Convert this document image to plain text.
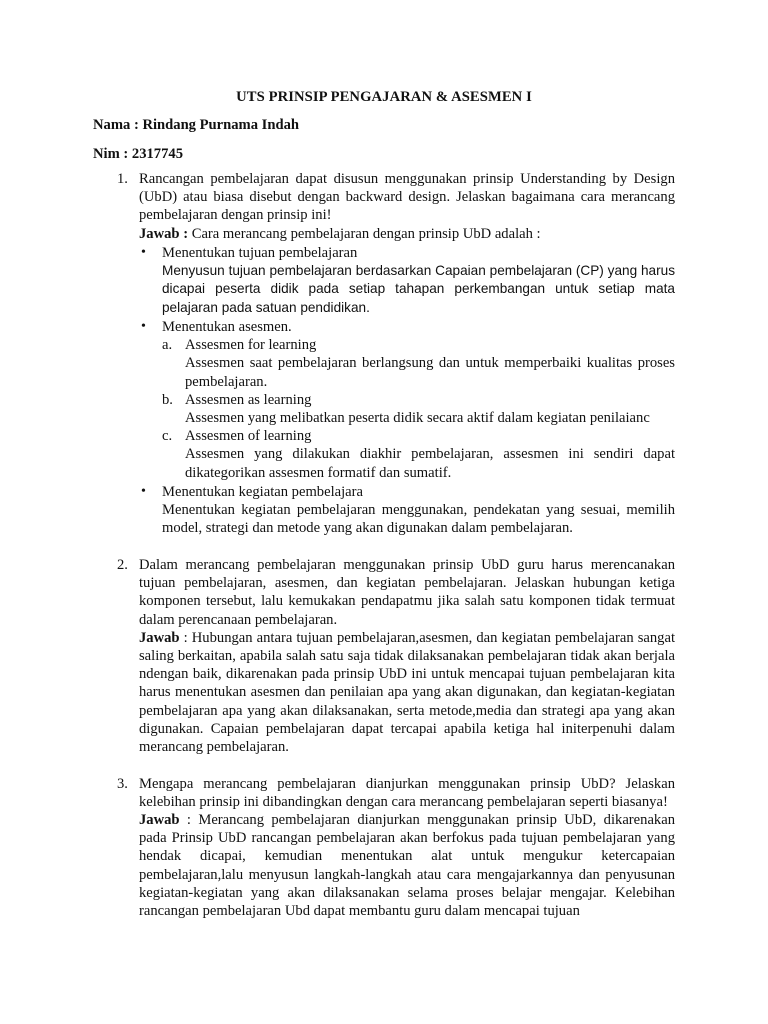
UTS PRINSIP PENGAJARAN & ASESMEN I
Nama : Rindang Purnama Indah
Nim : 2317745
1. Rancangan pembelajaran dapat disusun menggunakan prinsip Understanding by Design (UbD) atau biasa disebut dengan backward design. Jelaskan bagaimana cara merancang pembelajaran dengan prinsip ini!

Jawab : Cara merancang pembelajaran dengan prinsip UbD adalah :

• Menentukan tujuan pembelajaran

Menyusun tujuan pembelajaran berdasarkan Capaian pembelajaran (CP) yang harus dicapai peserta didik pada setiap tahapan perkembangan untuk setiap mata pelajaran pada satuan pendidikan.

• Menentukan asesmen.

a. Assesmen for learning

Assesmen saat pembelajaran berlangsung dan untuk memperbaiki kualitas proses pembelajaran.

b. Assesmen as learning

Assesmen yang melibatkan peserta didik secara aktif dalam kegiatan penilaianc

c. Assesmen of learning

Assesmen yang dilakukan diakhir pembelajaran, assesmen ini sendiri dapat dikategorikan assesmen formatif dan sumatif.

• Menentukan kegiatan pembelajara

Menentukan kegiatan pembelajaran menggunakan, pendekatan yang sesuai, memilih model, strategi dan metode yang akan digunakan dalam pembelajaran.

2. Dalam merancang pembelajaran menggunakan prinsip UbD guru harus merencanakan tujuan pembelajaran, asesmen, dan kegiatan pembelajaran. Jelaskan hubungan ketiga komponen tersebut, lalu kemukakan pendapatmu jika salah satu komponen tidak termuat dalam perencanaan pembelajaran.

Jawab : Hubungan antara tujuan pembelajaran,asesmen, dan kegiatan pembelajaran sangat saling berkaitan, apabila salah satu saja tidak dilaksanakan pembelajaran tidak akan berjala ndengan baik, dikarenakan pada prinsip UbD ini untuk mencapai tujuan pembelajaran kita harus menentukan asesmen dan penilaian apa yang akan digunakan, dan kegiatan-kegiatan pembelajaran apa yang akan dilaksanakan, serta metode,media dan strategi apa yang akan digunakan. Capaian pembelajaran dapat tercapai apabila ketiga hal initerpenuhi dalam merancang pembelajaran.

3. Mengapa merancang pembelajaran dianjurkan menggunakan prinsip UbD? Jelaskan kelebihan prinsip ini dibandingkan dengan cara merancang pembelajaran seperti biasanya!

Jawab : Merancang pembelajaran dianjurkan menggunakan prinsip UbD, dikarenakan pada Prinsip UbD rancangan pembelajaran akan berfokus pada tujuan pembelajaran yang hendak dicapai, kemudian menentukan alat untuk mengukur ketercapaian pembelajaran,lalu menyusun langkah-langkah atau cara mengajarkannya dan penyusunan kegiatan-kegiatan yang akan dilaksanakan selama proses belajar mengajar. Kelebihan rancangan pembelajaran Ubd dapat membantu guru dalam mencapai tujuan
